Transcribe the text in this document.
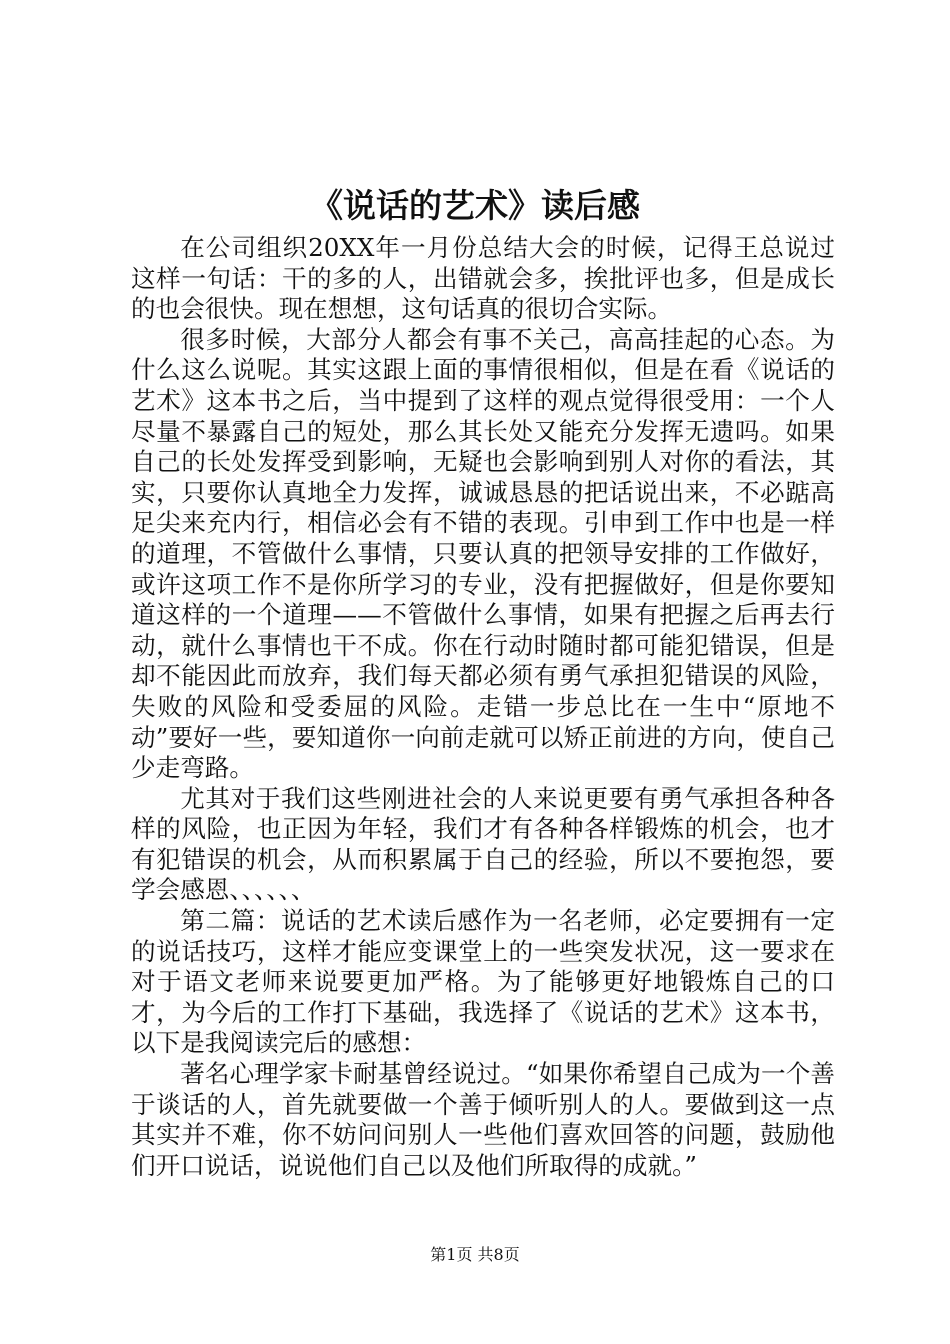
《说话的艺术》读后感

在公司组织20XX年一月份总结大会的时候，记得王总说过这样一句话：干的多的人，出错就会多，挨批评也多，但是成长的也会很快。现在想想，这句话真的很切合实际。

很多时候，大部分人都会有事不关己，高高挂起的心态。为什么这么说呢。其实这跟上面的事情很相似，但是在看《说话的艺术》这本书之后，当中提到了这样的观点觉得很受用：一个人尽量不暴露自己的短处，那么其长处又能充分发挥无遗吗。如果自己的长处发挥受到影响，无疑也会影响到别人对你的看法，其实，只要你认真地全力发挥，诚诚恳恳的把话说出来，不必踮高足尖来充内行，相信必会有不错的表现。引申到工作中也是一样的道理，不管做什么事情，只要认真的把领导安排的工作做好，或许这项工作不是你所学习的专业，没有把握做好，但是你要知道这样的一个道理——不管做什么事情，如果有把握之后再去行动，就什么事情也干不成。你在行动时随时都可能犯错误，但是却不能因此而放弃，我们每天都必须有勇气承担犯错误的风险，失败的风险和受委屈的风险。走错一步总比在一生中“原地不动”要好一些，要知道你一向前走就可以矫正前进的方向，使自己少走弯路。

尤其对于我们这些刚进社会的人来说更要有勇气承担各种各样的风险，也正因为年轻，我们才有各种各样锻炼的机会，也才有犯错误的机会，从而积累属于自己的经验，所以不要抱怨，要学会感恩、、、、、、

第二篇：说话的艺术读后感作为一名老师，必定要拥有一定的说话技巧，这样才能应变课堂上的一些突发状况，这一要求在对于语文老师来说要更加严格。为了能够更好地锻炼自己的口才，为今后的工作打下基础，我选择了《说话的艺术》这本书，以下是我阅读完后的感想：

著名心理学家卡耐基曾经说过。“如果你希望自己成为一个善于谈话的人，首先就要做一个善于倾听别人的人。要做到这一点其实并不难，你不妨问问别人一些他们喜欢回答的问题，鼓励他们开口说话，说说他们自己以及他们所取得的成就。”

第1页 共8页
